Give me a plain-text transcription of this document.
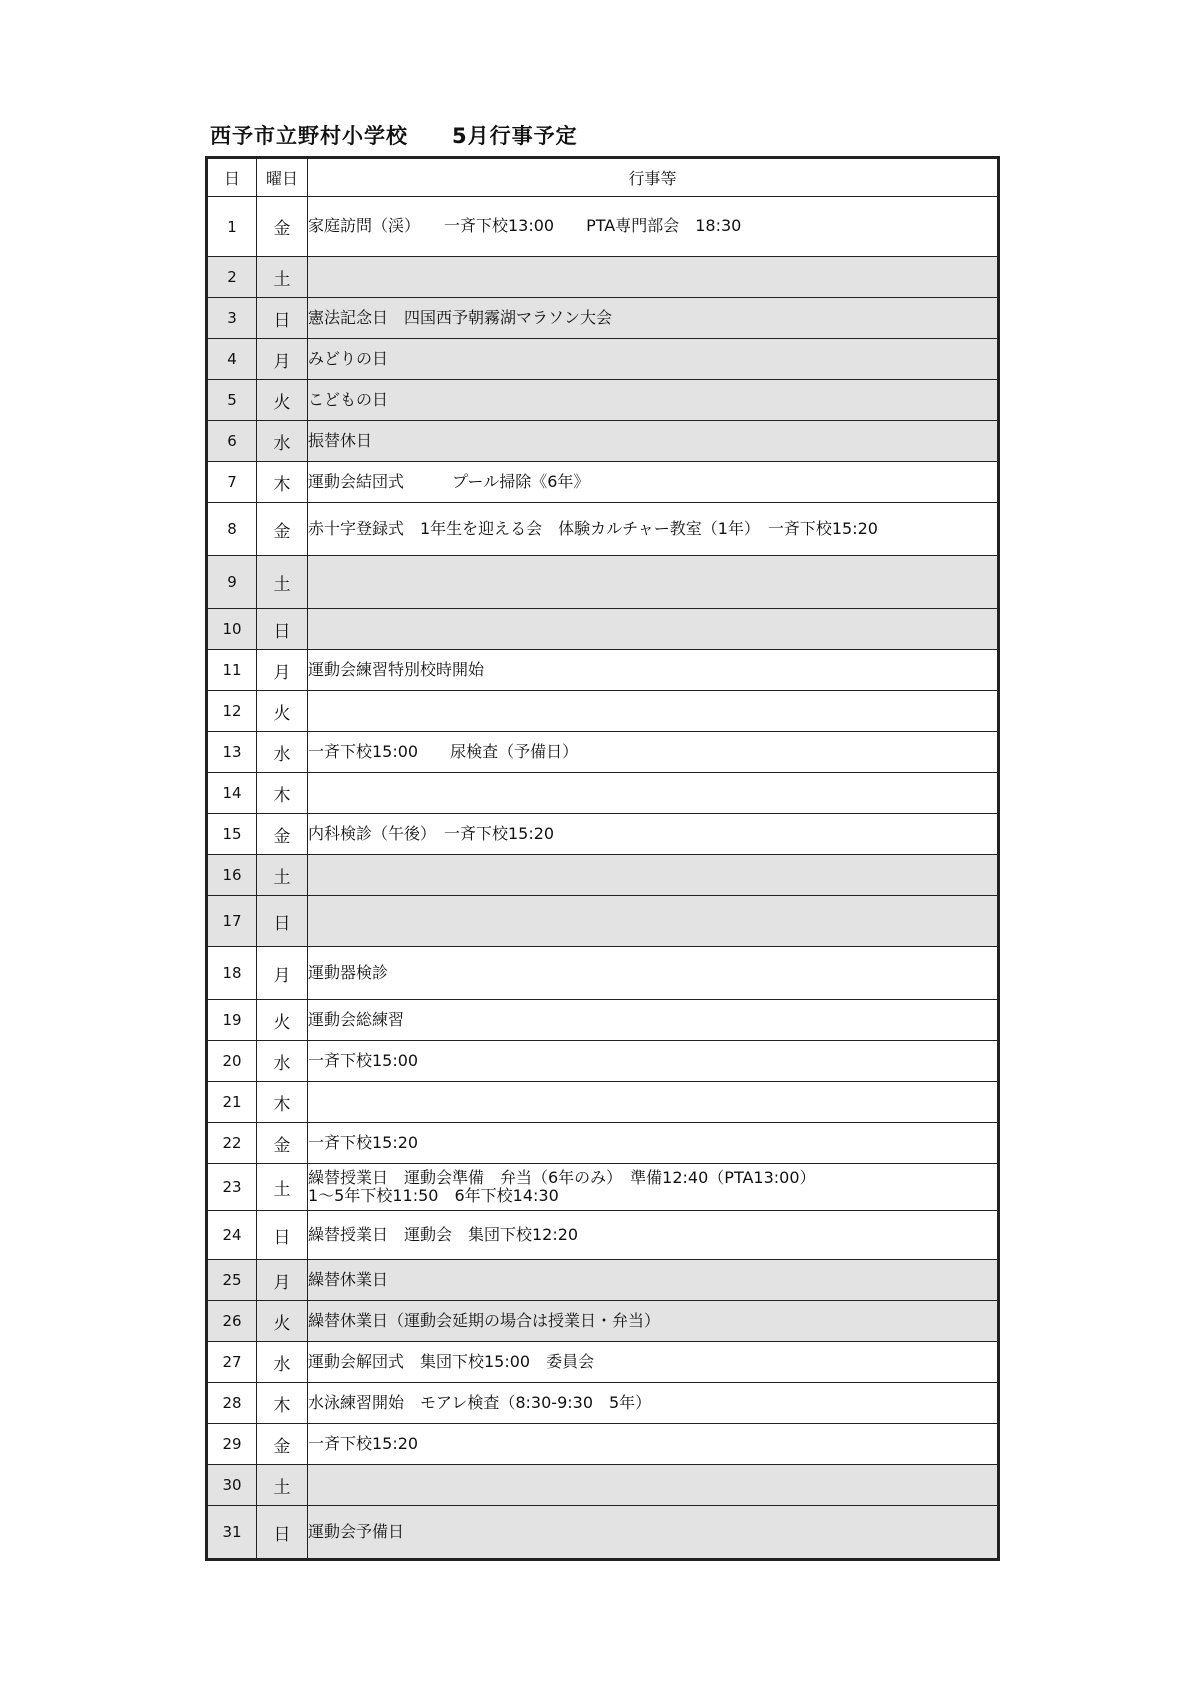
西予市立野村小学校　　5月行事予定
日	曜日	行事等
1	金	家庭訪問（渓）　　一斉下校13:00　　PTA専門部会　18:30
2	土	
3	日	憲法記念日　四国西予朝霧湖マラソン大会
4	月	みどりの日
5	火	こどもの日
6	水	振替休日
7	木	運動会結団式　　　プール掃除《6年》
8	金	赤十字登録式　1年生を迎える会　体験カルチャー教室（1年）　一斉下校15:20
9	土	
10	日	
11	月	運動会練習特別校時開始
12	火	
13	水	一斉下校15:00　　尿検査（予備日）
14	木	
15	金	内科検診（午後）　一斉下校15:20
16	土	
17	日	
18	月	運動器検診
19	火	運動会総練習
20	水	一斉下校15:00
21	木	
22	金	一斉下校15:20
23	土	繰替授業日　運動会準備　弁当（6年のみ）　準備12:40（PTA13:00）
1～5年下校11:50　6年下校14:30
24	日	繰替授業日　運動会　集団下校12:20
25	月	繰替休業日
26	火	繰替休業日（運動会延期の場合は授業日・弁当）
27	水	運動会解団式　集団下校15:00　委員会
28	木	水泳練習開始　モアレ検査（8:30-9:30　5年）
29	金	一斉下校15:20
30	土	
31	日	運動会予備日
